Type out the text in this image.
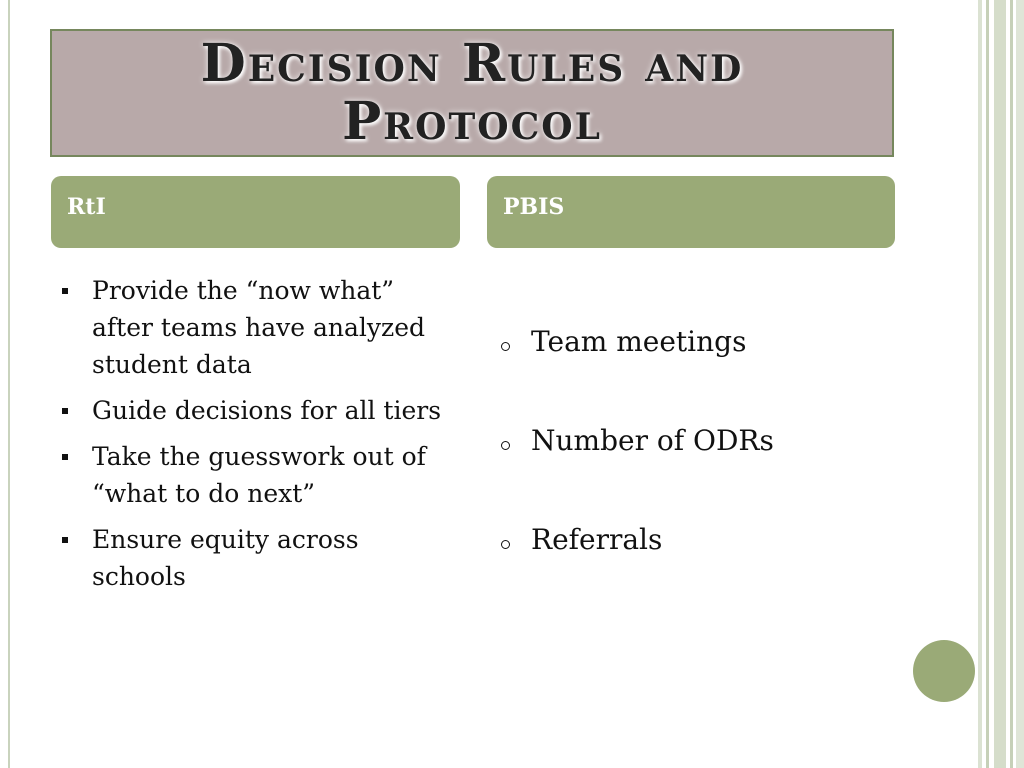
Decision Rules and
Protocol
RtI	PBIS
Provide the “now what” after teams have analyzed student data
Guide decisions for all tiers
Take the guesswork out of “what to do next”
Ensure equity across schools
Team meetings
Number of ODRs
Referrals
